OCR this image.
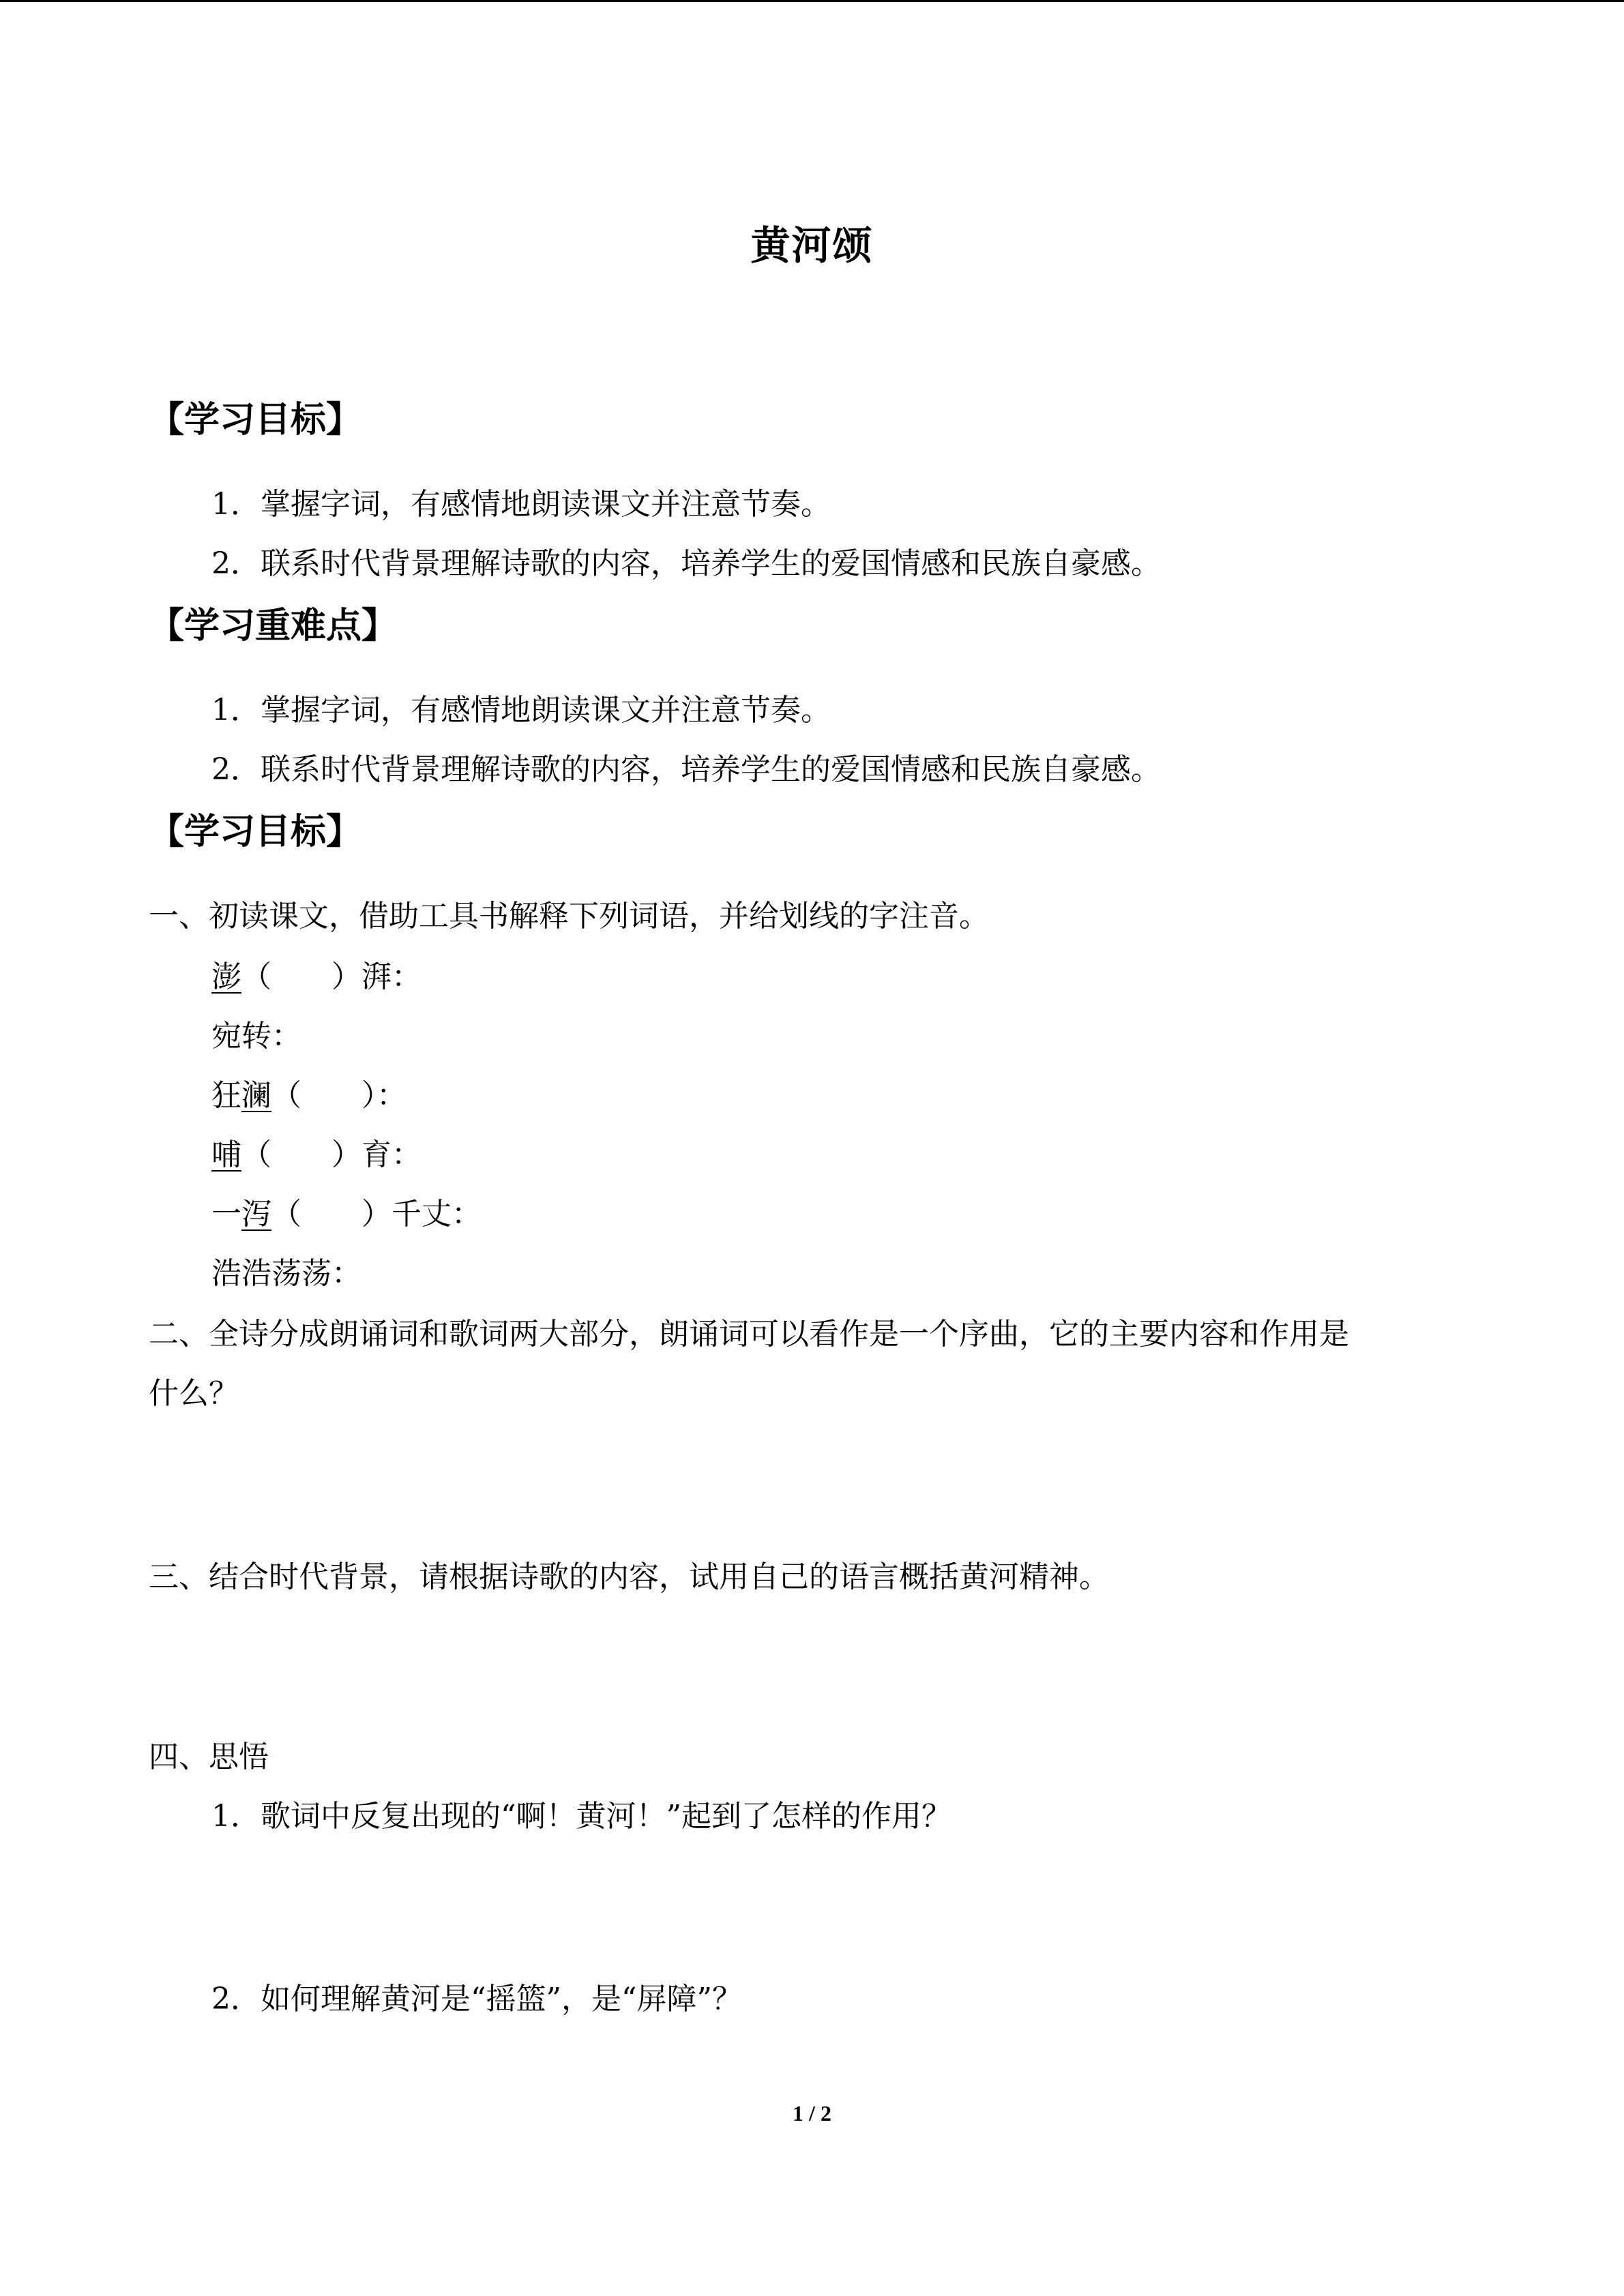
黄河颂
【学习目标】
1．掌握字词，有感情地朗读课文并注意节奏。
2．联系时代背景理解诗歌的内容，培养学生的爱国情感和民族自豪感。
【学习重难点】
1．掌握字词，有感情地朗读课文并注意节奏。
2．联系时代背景理解诗歌的内容，培养学生的爱国情感和民族自豪感。
【学习目标】
一、初读课文，借助工具书解释下列词语，并给划线的字注音。
澎（　　）湃：
宛转：
狂澜（　　）：
哺（　　）育：
一泻（　　）千丈：
浩浩荡荡：
二、全诗分成朗诵词和歌词两大部分，朗诵词可以看作是一个序曲，它的主要内容和作用是
什么？
三、结合时代背景，请根据诗歌的内容，试用自己的语言概括黄河精神。
四、思悟
1．歌词中反复出现的“啊！黄河！”起到了怎样的作用？
2．如何理解黄河是“摇篮”，是“屏障”？
1 / 2
